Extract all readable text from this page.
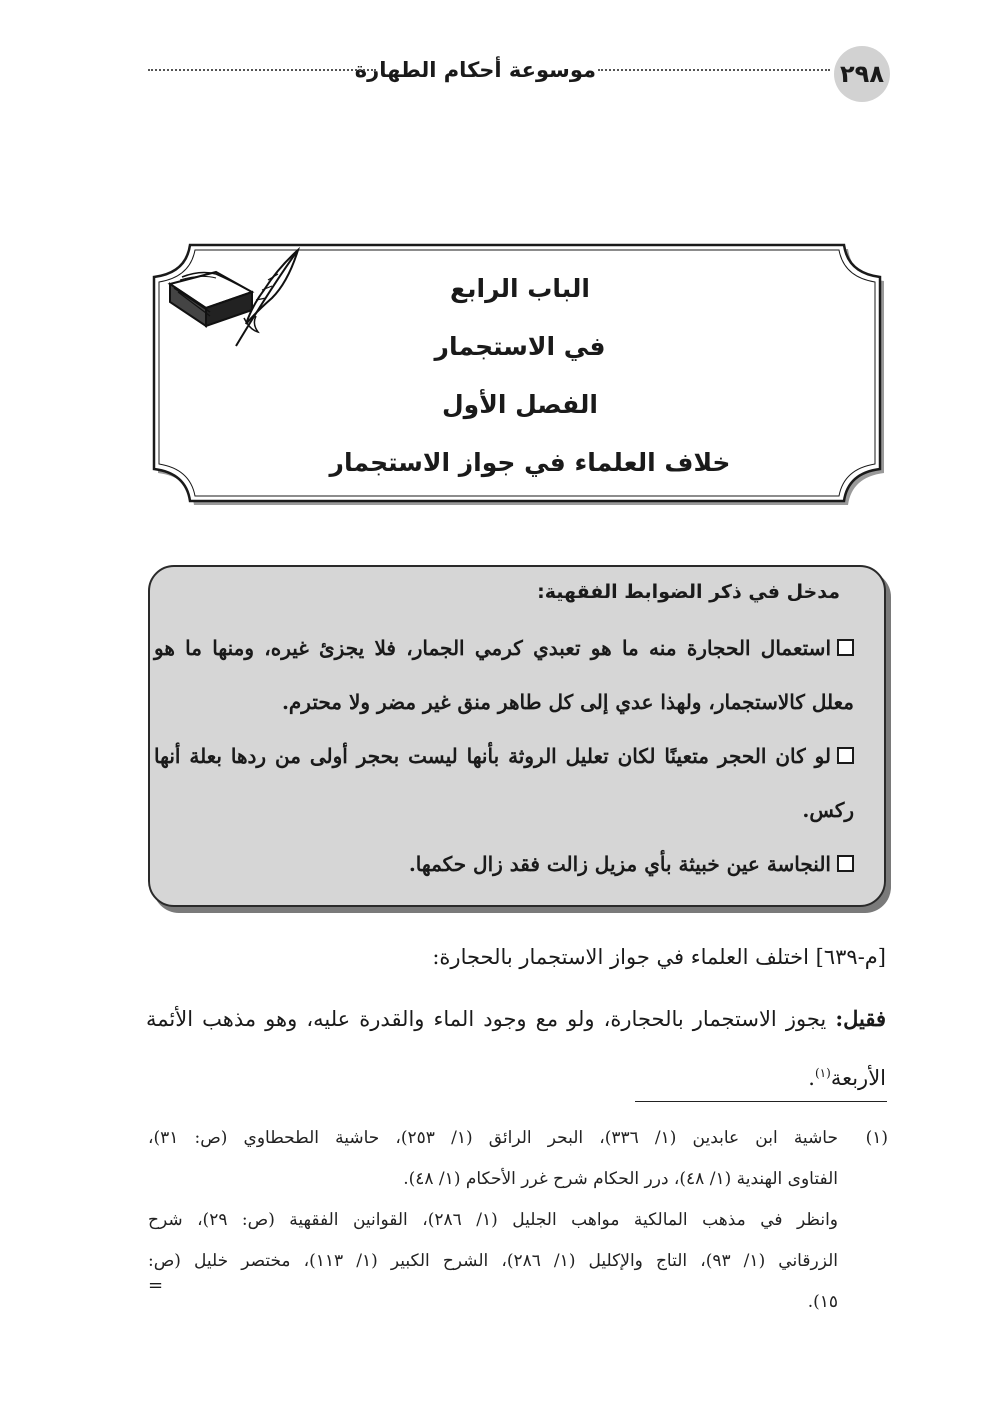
٢٩٨
موسوعة أحكام الطهارة
الباب الرابع
في الاستجمار
الفصل الأول
خلاف العلماء في جواز الاستجمار
مدخل في ذكر الضوابط الفقهية:
استعمال الحجارة منه ما هو تعبدي كرمي الجمار، فلا يجزئ غيره، ومنها ما هو معلل كالاستجمار، ولهذا عدي إلى كل طاهر منق غير مضر ولا محترم.
لو كان الحجر متعينًا لكان تعليل الروثة بأنها ليست بحجر أولى من ردها بعلة أنها ركس.
النجاسة عين خبيثة بأي مزيل زالت فقد زال حكمها.
[م-٦٣٩] اختلف العلماء في جواز الاستجمار بالحجارة:
فقيل: يجوز الاستجمار بالحجارة، ولو مع وجود الماء والقدرة عليه، وهو مذهب الأئمة الأربعة$^{(١)}$.
(١)
حاشية ابن عابدين (١/ ٣٣٦)، البحر الرائق (١/ ٢٥٣)، حاشية الطحطاوي (ص: ٣١)،
الفتاوى الهندية (١/ ٤٨)، درر الحكام شرح غرر الأحكام (١/ ٤٨).
وانظر في مذهب المالكية مواهب الجليل (١/ ٢٨٦)، القوانين الفقهية (ص: ٢٩)، شرح
الزرقاني (١/ ٩٣)، التاج والإكليل (١/ ٢٨٦)، الشرح الكبير (١/ ١١٣)، مختصر خليل (ص:
١٥).
=
